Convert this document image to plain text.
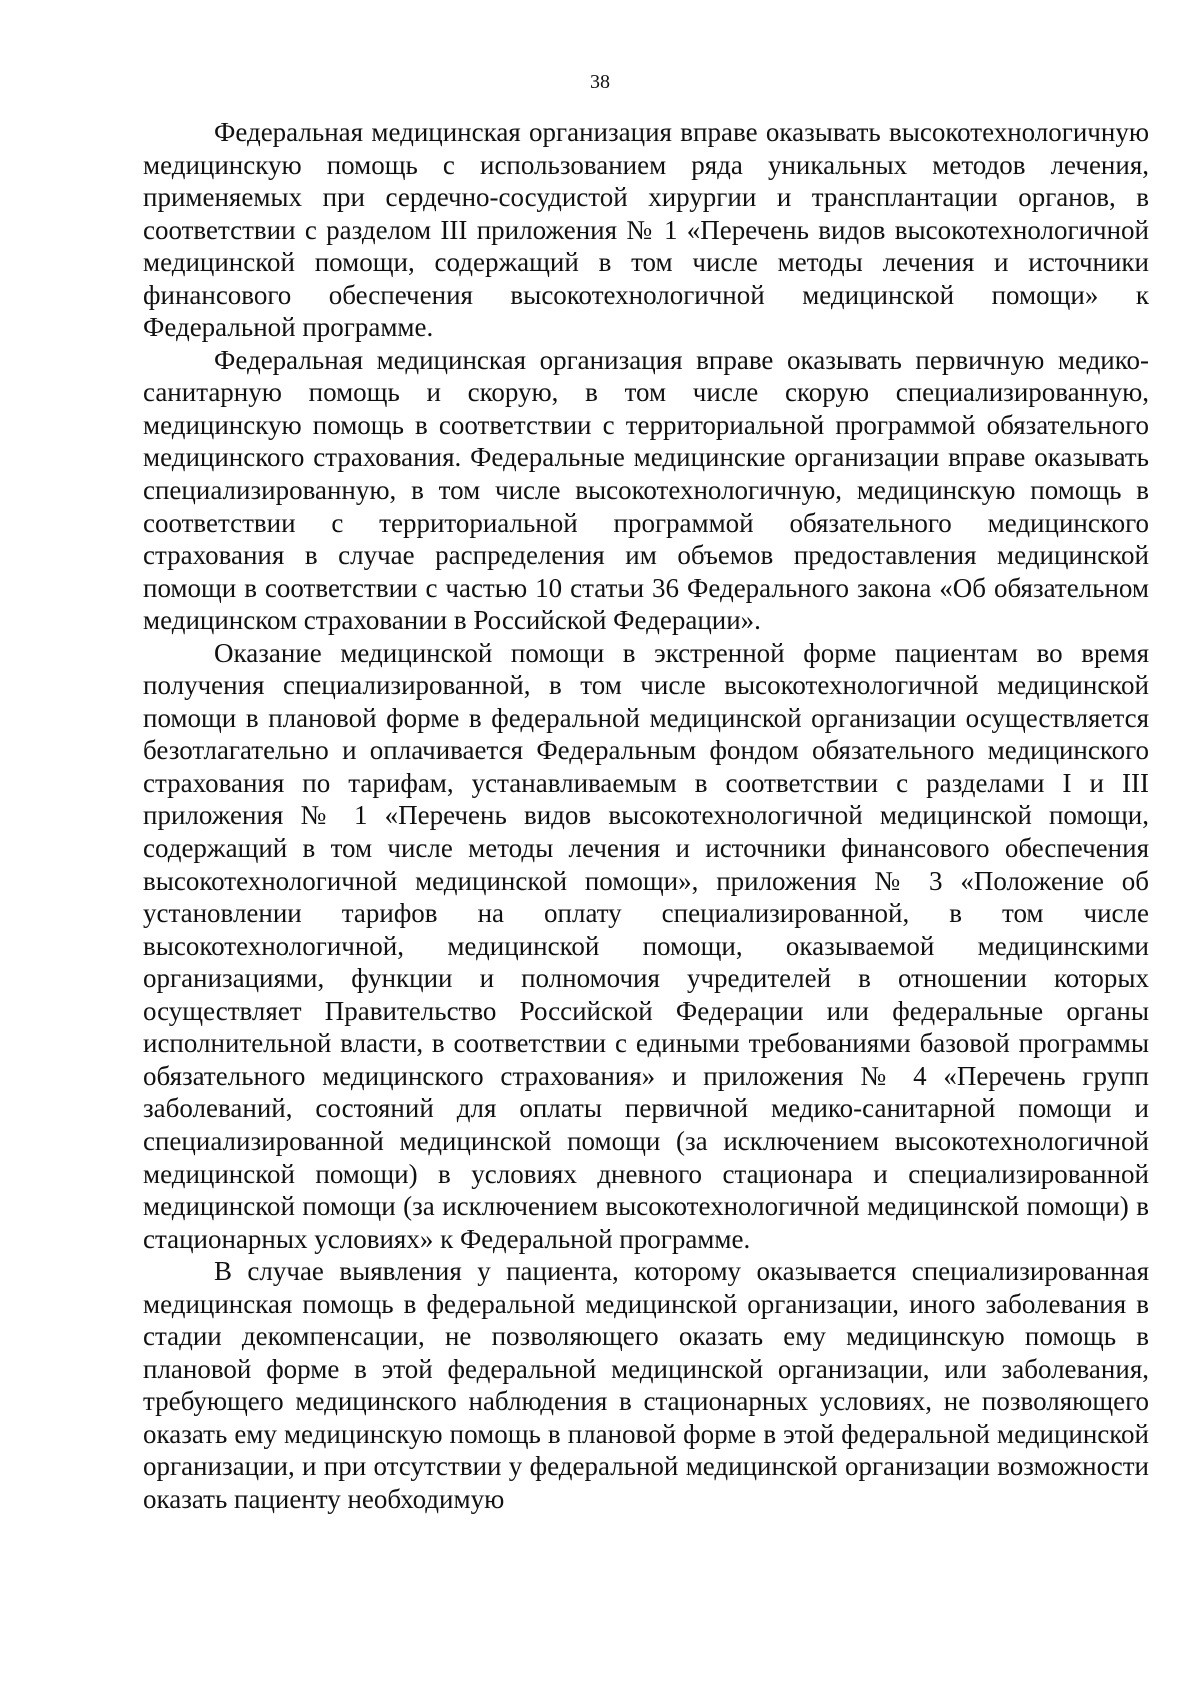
38

Федеральная медицинская организация вправе оказывать высокотехнологичную медицинскую помощь с использованием ряда уникальных методов лечения, применяемых при сердечно-сосудистой хирургии и трансплантации органов, в соответствии с разделом III приложения № 1 «Перечень видов высокотехнологичной медицинской помощи, содержащий в том числе методы лечения и источники финансового обеспечения высокотехнологичной медицинской помощи» к Федеральной программе.

Федеральная медицинская организация вправе оказывать первичную медико-санитарную помощь и скорую, в том числе скорую специализированную, медицинскую помощь в соответствии с территориальной программой обязательного медицинского страхования. Федеральные медицинские организации вправе оказывать специализированную, в том числе высокотехнологичную, медицинскую помощь в соответствии с территориальной программой обязательного медицинского страхования в случае распределения им объемов предоставления медицинской помощи в соответствии с частью 10 статьи 36 Федерального закона «Об обязательном медицинском страховании в Российской Федерации».

Оказание медицинской помощи в экстренной форме пациентам во время получения специализированной, в том числе высокотехнологичной медицинской помощи в плановой форме в федеральной медицинской организации осуществляется безотлагательно и оплачивается Федеральным фондом обязательного медицинского страхования по тарифам, устанавливаемым в соответствии с разделами I и III приложения № 1 «Перечень видов высокотехнологичной медицинской помощи, содержащий в том числе методы лечения и источники финансового обеспечения высокотехнологичной медицинской помощи», приложения № 3 «Положение об установлении тарифов на оплату специализированной, в том числе высокотехнологичной, медицинской помощи, оказываемой медицинскими организациями, функции и полномочия учредителей в отношении которых осуществляет Правительство Российской Федерации или федеральные органы исполнительной власти, в соответствии с едиными требованиями базовой программы обязательного медицинского страхования» и приложения № 4 «Перечень групп заболеваний, состояний для оплаты первичной медико-санитарной помощи и специализированной медицинской помощи (за исключением высокотехнологичной медицинской помощи) в условиях дневного стационара и специализированной медицинской помощи (за исключением высокотехнологичной медицинской помощи) в стационарных условиях» к Федеральной программе.

В случае выявления у пациента, которому оказывается специализированная медицинская помощь в федеральной медицинской организации, иного заболевания в стадии декомпенсации, не позволяющего оказать ему медицинскую помощь в плановой форме в этой федеральной медицинской организации, или заболевания, требующего медицинского наблюдения в стационарных условиях, не позволяющего оказать ему медицинскую помощь в плановой форме в этой федеральной медицинской организации, и при отсутствии у федеральной медицинской организации возможности оказать пациенту необходимую
